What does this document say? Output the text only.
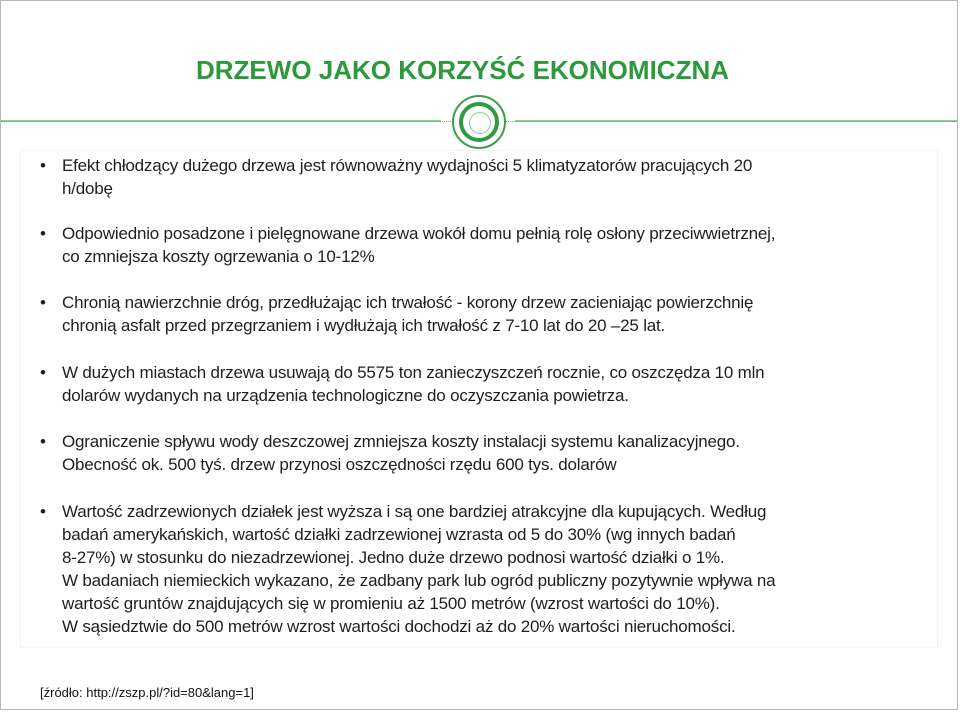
DRZEWO JAKO KORZYŚĆ EKONOMICZNA
• Efekt chłodzący dużego drzewa jest równoważny wydajności 5 klimatyzatorów pracujących 20
h/dobę
• Odpowiednio posadzone i pielęgnowane drzewa wokół domu pełnią rolę osłony przeciwwietrznej,
co zmniejsza koszty ogrzewania o 10-12%
• Chronią nawierzchnie dróg, przedłużając ich trwałość - korony drzew zacieniając powierzchnię
chronią asfalt przed przegrzaniem i wydłużają ich trwałość z 7-10 lat do 20 –25 lat.
• W dużych miastach drzewa usuwają do 5575 ton zanieczyszczeń rocznie, co oszczędza 10 mln
dolarów wydanych na urządzenia technologiczne do oczyszczania powietrza.
• Ograniczenie spływu wody deszczowej zmniejsza koszty instalacji systemu kanalizacyjnego.
Obecność ok. 500 tyś. drzew przynosi oszczędności rzędu 600 tys. dolarów
• Wartość zadrzewionych działek jest wyższa i są one bardziej atrakcyjne dla kupujących. Według
badań amerykańskich, wartość działki zadrzewionej wzrasta od 5 do 30% (wg innych badań
8-27%) w stosunku do niezadrzewionej. Jedno duże drzewo podnosi wartość działki o 1%.
W badaniach niemieckich wykazano, że zadbany park lub ogród publiczny pozytywnie wpływa na
wartość gruntów znajdujących się w promieniu aż 1500 metrów (wzrost wartości do 10%).
W sąsiedztwie do 500 metrów wzrost wartości dochodzi aż do 20% wartości nieruchomości.
[źródło: http://zszp.pl/?id=80&lang=1]
